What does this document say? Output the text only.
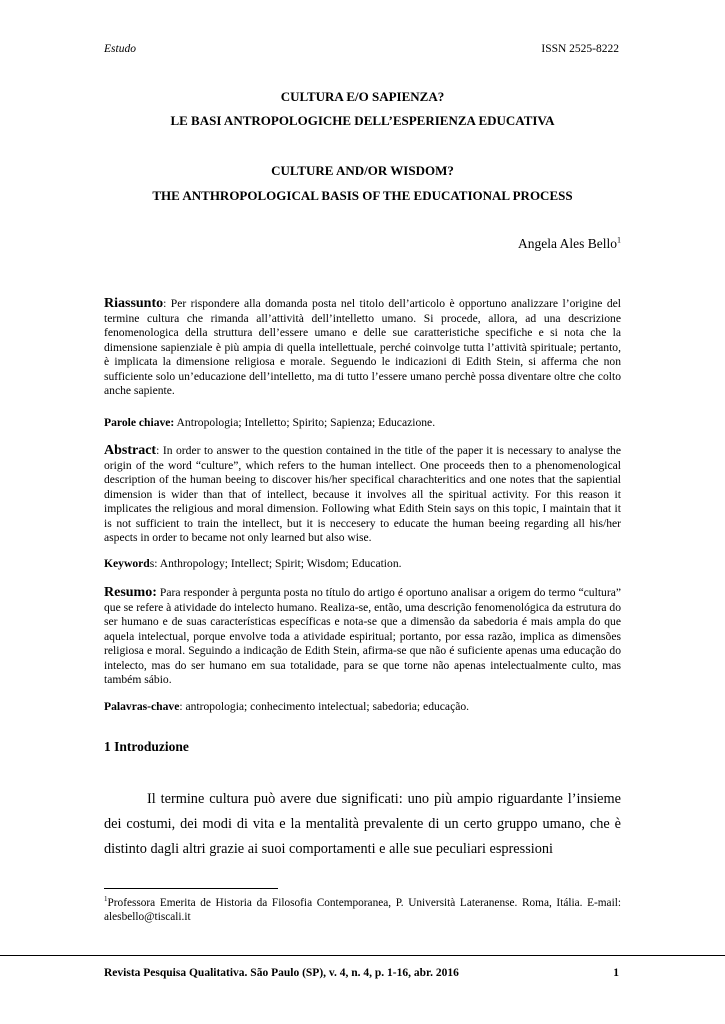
Estudo	ISSN 2525-8222
CULTURA E/O SAPIENZA?
LE BASI ANTROPOLOGICHE DELL’ESPERIENZA EDUCATIVA
CULTURE AND/OR WISDOM?
THE ANTHROPOLOGICAL BASIS OF THE EDUCATIONAL PROCESS
Angela Ales Bello$^1$

Riassunto: Per rispondere alla domanda posta nel titolo dell’articolo è opportuno analizzare l’origine del termine cultura che rimanda all’attività dell’intelletto umano. Si procede, allora, ad una descrizione fenomenologica della struttura dell’essere umano e delle sue caratteristiche specifiche e si nota che la dimensione sapienziale è più ampia di quella intellettuale, perché coinvolge tutta l’attività spirituale; pertanto, è implicata la dimensione religiosa e morale. Seguendo le indicazioni di Edith Stein, si afferma che non sufficiente solo un’educazione dell’intelletto, ma di tutto l’essere umano perchè possa diventare oltre che colto anche sapiente.

Parole chiave: Antropologia; Intelletto; Spirito; Sapienza; Educazione.

Abstract: In order to answer to the question contained in the title of the paper it is necessary to analyse the origin of the word “culture”, which refers to the human intellect. One proceeds then to a phenomenological description of the human beeing to discover his/her specifical charachteritics and one notes that the sapiential dimension is wider than that of intellect, because it involves all the spiritual activity. For this reason it implicates the religious and moral dimension. Following what Edith Stein says on this topic, I maintain that it is not sufficient to train the intellect, but it is neccesery to educate the human beeing regarding all his/her aspects in order to became not only learned but also wise.

Keywords: Anthropology; Intellect; Spirit; Wisdom; Education.

Resumo: Para responder à pergunta posta no título do artigo é oportuno analisar a origem do termo “cultura” que se refere à atividade do intelecto humano. Realiza-se, então, uma descrição fenomenológica da estrutura do ser humano e de suas características específicas e nota-se que a dimensão da sabedoria é mais ampla do que aquela intelectual, porque envolve toda a atividade espiritual; portanto, por essa razão, implica as dimensões religiosa e moral. Seguindo a indicação de Edith Stein, afirma-se que não é suficiente apenas uma educação do intelecto, mas do ser humano em sua totalidade, para se que torne não apenas intelectualmente culto, mas também sábio.

Palavras-chave: antropologia; conhecimento intelectual; sabedoria; educação.

1 Introduzione

Il termine cultura può avere due significati: uno più ampio riguardante l’insieme dei costumi, dei modi di vita e la mentalità prevalente di un certo gruppo umano, che è distinto dagli altri grazie ai suoi comportamenti e alle sue peculiari espressioni

$^1$Professora Emerita de Historia da Filosofia Contemporanea, P. Università Lateranense. Roma, Itália. E-mail: alesbello@tiscali.it

Revista Pesquisa Qualitativa. São Paulo (SP), v. 4, n. 4, p. 1-16, abr. 2016	1
